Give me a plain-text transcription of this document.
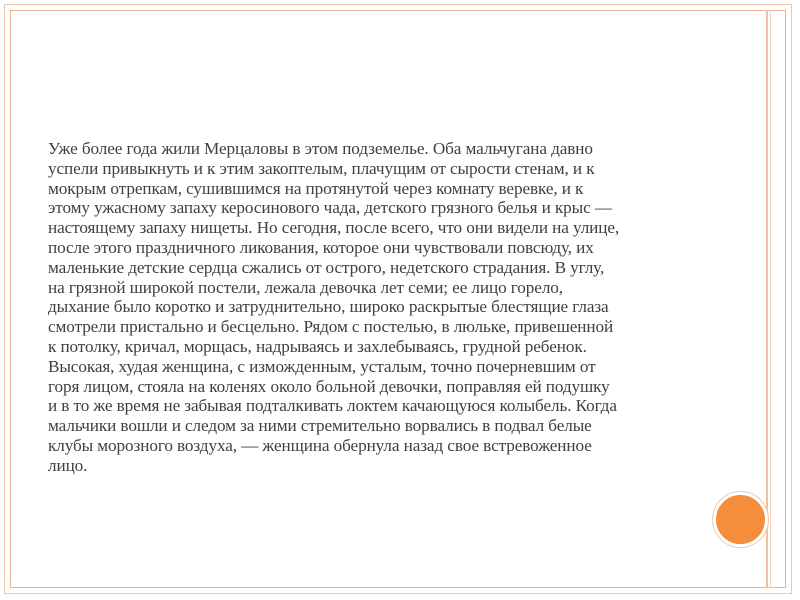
Уже более года жили Мерцаловы в этом подземелье. Оба мальчугана давно
успели привыкнуть и к этим закоптелым, плачущим от сырости стенам, и к
мокрым отрепкам, сушившимся на протянутой через комнату веревке, и к
этому ужасному запаху керосинового чада, детского грязного белья и крыс —
настоящему запаху нищеты. Но сегодня, после всего, что они видели на улице,
после этого праздничного ликования, которое они чувствовали повсюду, их
маленькие детские сердца сжались от острого, недетского страдания. В углу,
на грязной широкой постели, лежала девочка лет семи; ее лицо горело,
дыхание было коротко и затруднительно, широко раскрытые блестящие глаза
смотрели пристально и бесцельно. Рядом с постелью, в люльке, привешенной
к потолку, кричал, морщась, надрываясь и захлебываясь, грудной ребенок.
Высокая, худая женщина, с изможденным, усталым, точно почерневшим от
горя лицом, стояла на коленях около больной девочки, поправляя ей подушку
и в то же время не забывая подталкивать локтем качающуюся колыбель. Когда
мальчики вошли и следом за ними стремительно ворвались в подвал белые
клубы морозного воздуха, — женщина обернула назад свое встревоженное
лицо.
